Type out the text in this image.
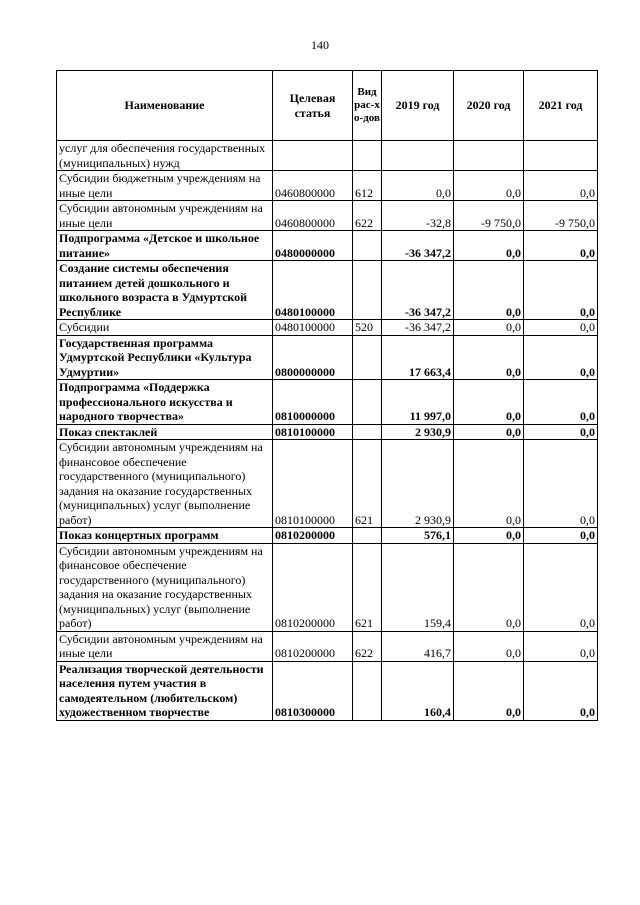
140
Наименование	Целевая статья	Вид рас-хо-дов	2019 год	2020 год	2021 год
услуг для обеспечения государственных (муниципальных) нужд					
Субсидии бюджетным учреждениям на иные цели	0460800000	612	0,0	0,0	0,0
Субсидии автономным учреждениям на иные цели	0460800000	622	-32,8	-9 750,0	-9 750,0
Подпрограмма «Детское и школьное питание»	0480000000		-36 347,2	0,0	0,0
Создание системы обеспечения питанием детей дошкольного и школьного возраста в Удмуртской Республике	0480100000		-36 347,2	0,0	0,0
Субсидии	0480100000	520	-36 347,2	0,0	0,0
Государственная программа Удмуртской Республики «Культура Удмуртии»	0800000000		17 663,4	0,0	0,0
Подпрограмма «Поддержка профессионального искусства и народного творчества»	0810000000		11 997,0	0,0	0,0
Показ спектаклей	0810100000		2 930,9	0,0	0,0
Субсидии автономным учреждениям на финансовое обеспечение государственного (муниципального) задания на оказание государственных (муниципальных) услуг (выполнение работ)	0810100000	621	2 930,9	0,0	0,0
Показ концертных программ	0810200000		576,1	0,0	0,0
Субсидии автономным учреждениям на финансовое обеспечение государственного (муниципального) задания на оказание государственных (муниципальных) услуг (выполнение работ)	0810200000	621	159,4	0,0	0,0
Субсидии автономным учреждениям на иные цели	0810200000	622	416,7	0,0	0,0
Реализация творческой деятельности населения путем участия в самодеятельном (любительском) художественном творчестве	0810300000		160,4	0,0	0,0
